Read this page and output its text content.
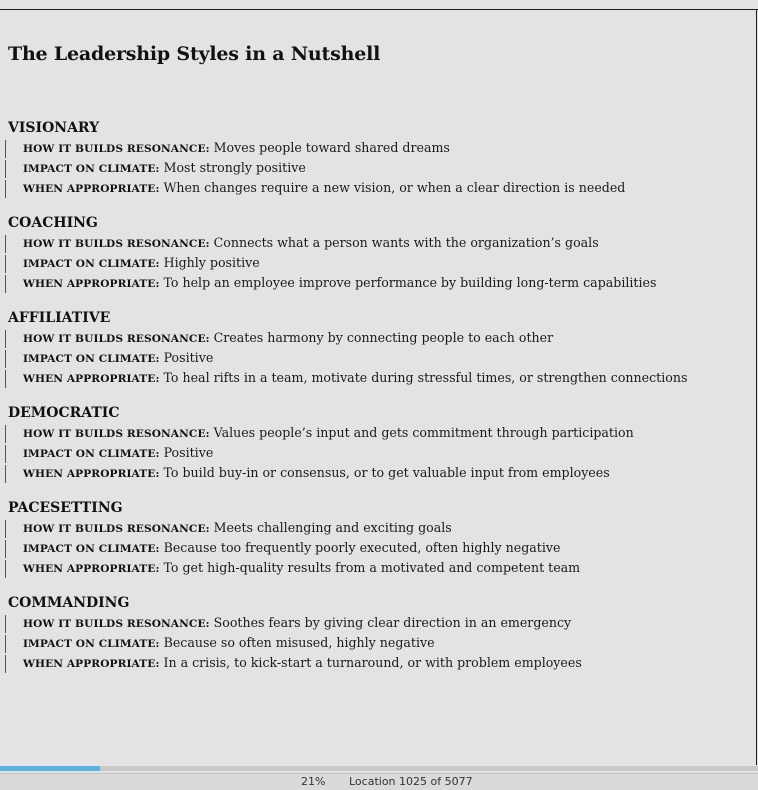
The Leadership Styles in a Nutshell
VISIONARY
HOW IT BUILDS RESONANCE: Moves people toward shared dreams
IMPACT ON CLIMATE: Most strongly positive
WHEN APPROPRIATE: When changes require a new vision, or when a clear direction is needed
COACHING
HOW IT BUILDS RESONANCE: Connects what a person wants with the organization’s goals
IMPACT ON CLIMATE: Highly positive
WHEN APPROPRIATE: To help an employee improve performance by building long-term capabilities
AFFILIATIVE
HOW IT BUILDS RESONANCE: Creates harmony by connecting people to each other
IMPACT ON CLIMATE: Positive
WHEN APPROPRIATE: To heal rifts in a team, motivate during stressful times, or strengthen connections
DEMOCRATIC
HOW IT BUILDS RESONANCE: Values people’s input and gets commitment through participation
IMPACT ON CLIMATE: Positive
WHEN APPROPRIATE: To build buy-in or consensus, or to get valuable input from employees
PACESETTING
HOW IT BUILDS RESONANCE: Meets challenging and exciting goals
IMPACT ON CLIMATE: Because too frequently poorly executed, often highly negative
WHEN APPROPRIATE: To get high-quality results from a motivated and competent team
COMMANDING
HOW IT BUILDS RESONANCE: Soothes fears by giving clear direction in an emergency
IMPACT ON CLIMATE: Because so often misused, highly negative
WHEN APPROPRIATE: In a crisis, to kick-start a turnaround, or with problem employees
21% Location 1025 of 5077
